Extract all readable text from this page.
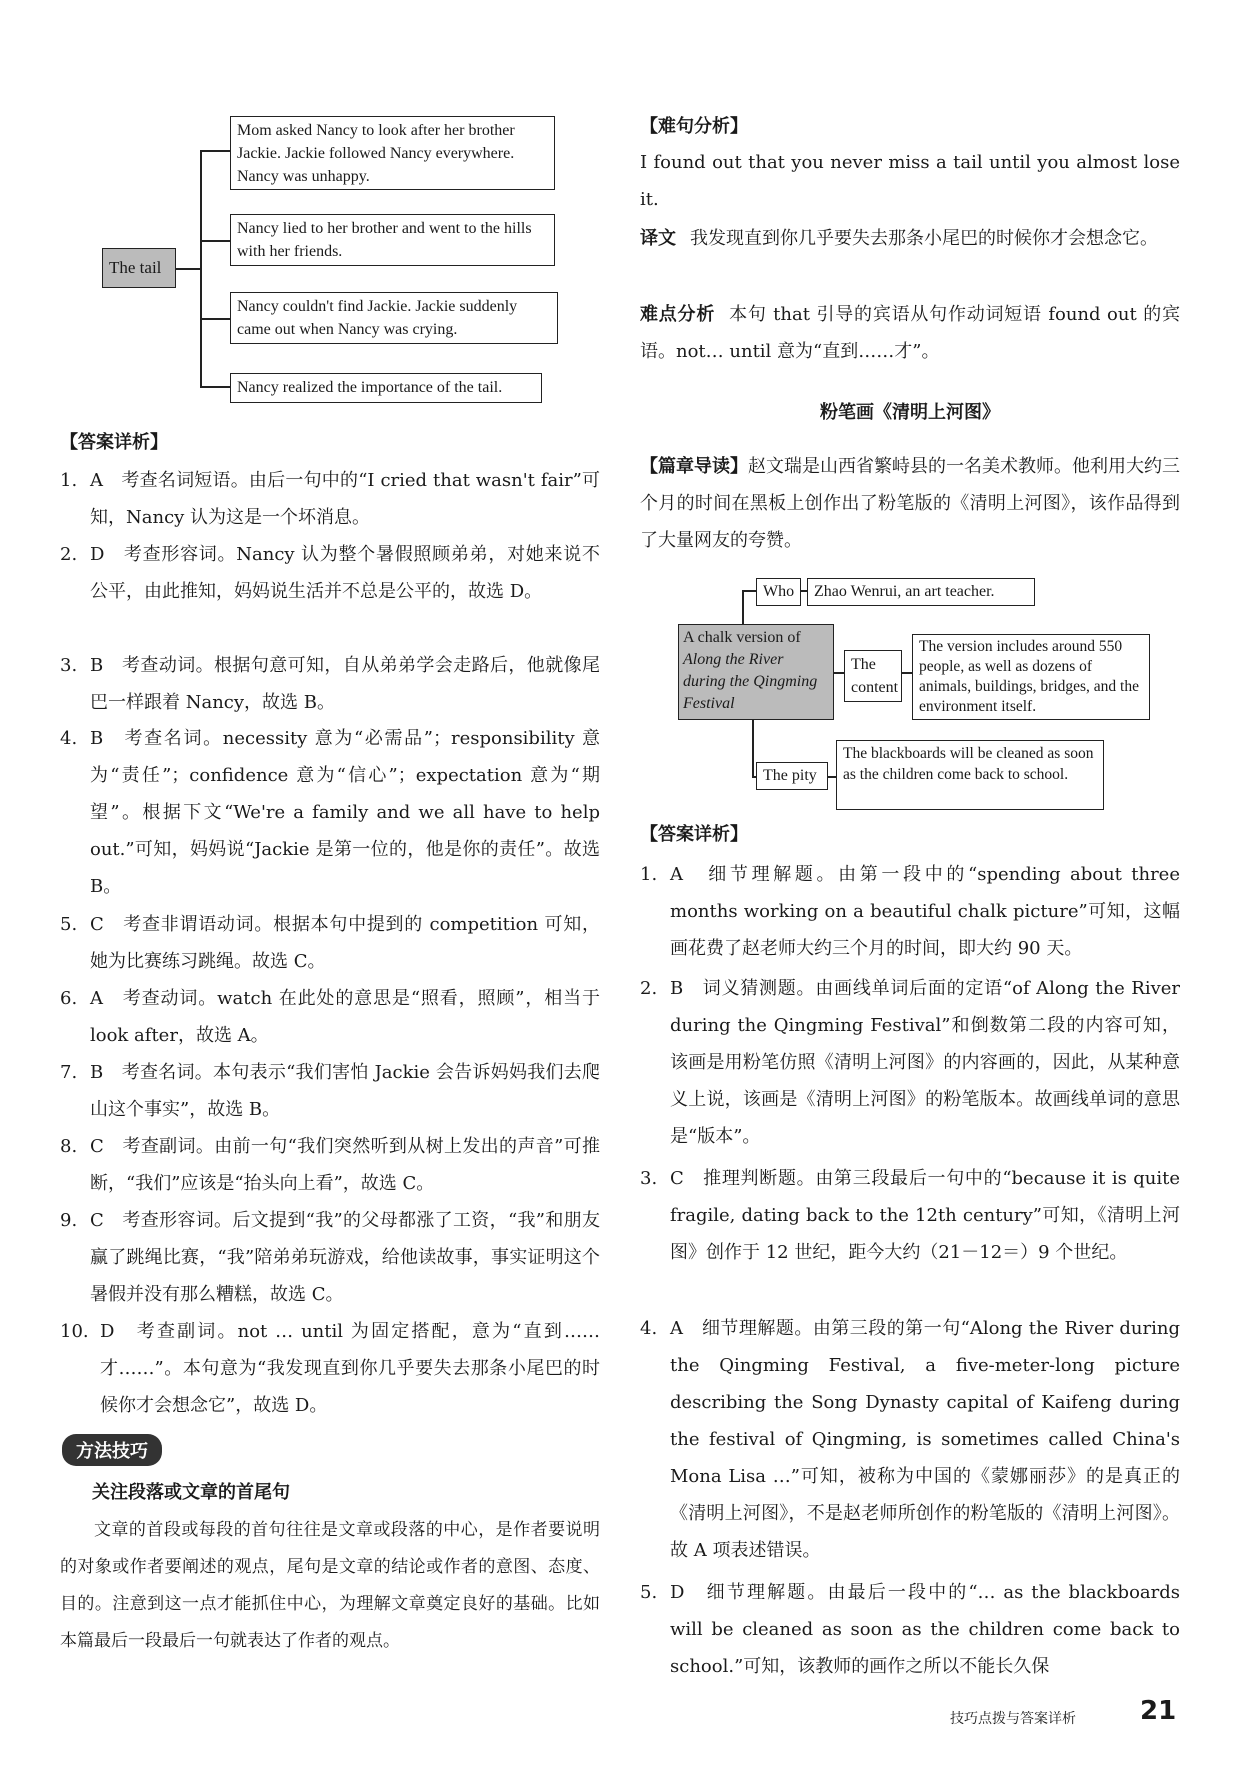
The tail
Mom asked Nancy to look after her brother Jackie. Jackie followed Nancy everywhere. Nancy was unhappy.
Nancy lied to her brother and went to the hills with her friends.
Nancy couldn't find Jackie. Jackie suddenly came out when Nancy was crying.
Nancy realized the importance of the tail.
【答案详析】
1. A　考查名词短语。由后一句中的“I cried that wasn't fair”可知，Nancy 认为这是一个坏消息。
2. D　考查形容词。Nancy 认为整个暑假照顾弟弟，对她来说不公平，由此推知，妈妈说生活并不总是公平的，故选 D。
3. B　考查动词。根据句意可知，自从弟弟学会走路后，他就像尾巴一样跟着 Nancy，故选 B。
4. B　考查名词。necessity 意为“必需品”；responsibility 意为“责任”；confidence 意为“信心”；expectation 意为“期望”。根据下文“We're a family and we all have to help out.”可知，妈妈说“Jackie 是第一位的，他是你的责任”。故选 B。
5. C　考查非谓语动词。根据本句中提到的 competition 可知，她为比赛练习跳绳。故选 C。
6. A　考查动词。watch 在此处的意思是“照看，照顾”，相当于 look after，故选 A。
7. B　考查名词。本句表示“我们害怕 Jackie 会告诉妈妈我们去爬山这个事实”，故选 B。
8. C　考查副词。由前一句“我们突然听到从树上发出的声音”可推断，“我们”应该是“抬头向上看”，故选 C。
9. C　考查形容词。后文提到“我”的父母都涨了工资，“我”和朋友赢了跳绳比赛，“我”陪弟弟玩游戏，给他读故事，事实证明这个暑假并没有那么糟糕，故选 C。
10. D　考查副词。not … until 为固定搭配，意为“直到……才……”。本句意为“我发现直到你几乎要失去那条小尾巴的时候你才会想念它”，故选 D。
方法技巧
关注段落或文章的首尾句
文章的首段或每段的首句往往是文章或段落的中心，是作者要说明的对象或作者要阐述的观点，尾句是文章的结论或作者的意图、态度、目的。注意到这一点才能抓住中心，为理解文章奠定良好的基础。比如本篇最后一段最后一句就表达了作者的观点。
【难句分析】
I found out that you never miss a tail until you almost lose it.
译文 我发现直到你几乎要失去那条小尾巴的时候你才会想念它。
难点分析 本句 that 引导的宾语从句作动词短语 found out 的宾语。not… until 意为“直到……才”。
粉笔画《清明上河图》
【篇章导读】赵文瑞是山西省繁峙县的一名美术教师。他利用大约三个月的时间在黑板上创作出了粉笔版的《清明上河图》，该作品得到了大量网友的夸赞。
A chalk version of
Along the River during the Qingming Festival
Who	Zhao Wenrui, an art teacher.
The content
The version includes around 550 people, as well as dozens of animals, buildings, bridges, and the environment itself.
The pity
The blackboards will be cleaned as soon as the children come back to school.
【答案详析】
1. A　细节理解题。由第一段中的“spending about three months working on a beautiful chalk picture”可知，这幅画花费了赵老师大约三个月的时间，即大约 90 天。
2. B　词义猜测题。由画线单词后面的定语“of Along the River during the Qingming Festival”和倒数第二段的内容可知，该画是用粉笔仿照《清明上河图》的内容画的，因此，从某种意义上说，该画是《清明上河图》的粉笔版本。故画线单词的意思是“版本”。
3. C　推理判断题。由第三段最后一句中的“because it is quite fragile, dating back to the 12th century”可知，《清明上河图》创作于 12 世纪，距今大约（21－12＝）9 个世纪。
4. A　细节理解题。由第三段的第一句“Along the River during the Qingming Festival, a five-meter-long picture describing the Song Dynasty capital of Kaifeng during the festival of Qingming, is sometimes called China's Mona Lisa …”可知，被称为中国的《蒙娜丽莎》的是真正的《清明上河图》，不是赵老师所创作的粉笔版的《清明上河图》。故 A 项表述错误。
5. D　细节理解题。由最后一段中的“… as the blackboards will be cleaned as soon as the children come back to school.”可知，该教师的画作之所以不能长久保
技巧点拨与答案详析 21
